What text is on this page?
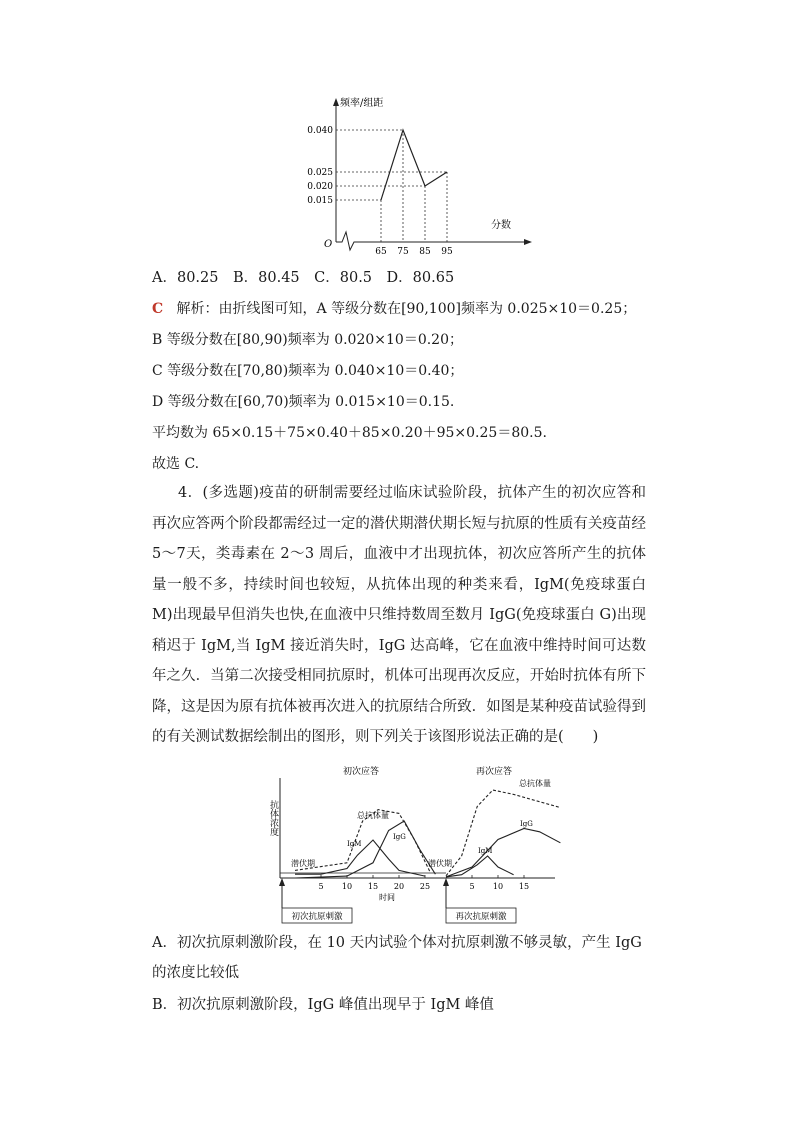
频率/组距
分数
O
65 75 85 95
0.040
0.025
0.020
0.015
A．80.25　B．80.45　C．80.5　D．80.65
C 解析：由折线图可知，A 等级分数在[90,100]频率为 0.025×10＝0.25；
B 等级分数在[80,90)频率为 0.020×10＝0.20；
C 等级分数在[70,80)频率为 0.040×10＝0.40；
D 等级分数在[60,70)频率为 0.015×10＝0.15.
平均数为 65×0.15＋75×0.40＋85×0.20＋95×0.25＝80.5.
故选 C.
4．(多选题)疫苗的研制需要经过临床试验阶段，抗体产生的初次应答和再次应答两个阶段都需经过一定的潜伏期潜伏期长短与抗原的性质有关疫苗经5～7天，类毒素在 2～3 周后，血液中才出现抗体，初次应答所产生的抗体量一般不多，持续时间也较短，从抗体出现的种类来看，IgM(免疫球蛋白 M)出现最早但消失也快,在血液中只维持数周至数月 IgG(免疫球蛋白 G)出现稍迟于 IgM,当 IgM 接近消失时，IgG 达高峰，它在血液中维持时间可达数年之久．当第二次接受相同抗原时，机体可出现再次反应，开始时抗体有所下降，这是因为原有抗体被再次进入的抗原结合所致．如图是某种疫苗试验得到的有关测试数据绘制出的图形，则下列关于该图形说法正确的是(　　)
抗体浓度
初次应答	再次应答
总抗体量
IgM
IgG
总抗体量
IgM
IgG
潜伏期	潜伏期
5 10 15 20 25	5 10 15
时间
初次抗原刺激	再次抗原刺激
A．初次抗原刺激阶段，在 10 天内试验个体对抗原刺激不够灵敏，产生 IgG 的浓度比较低
B．初次抗原刺激阶段，IgG 峰值出现早于 IgM 峰值
